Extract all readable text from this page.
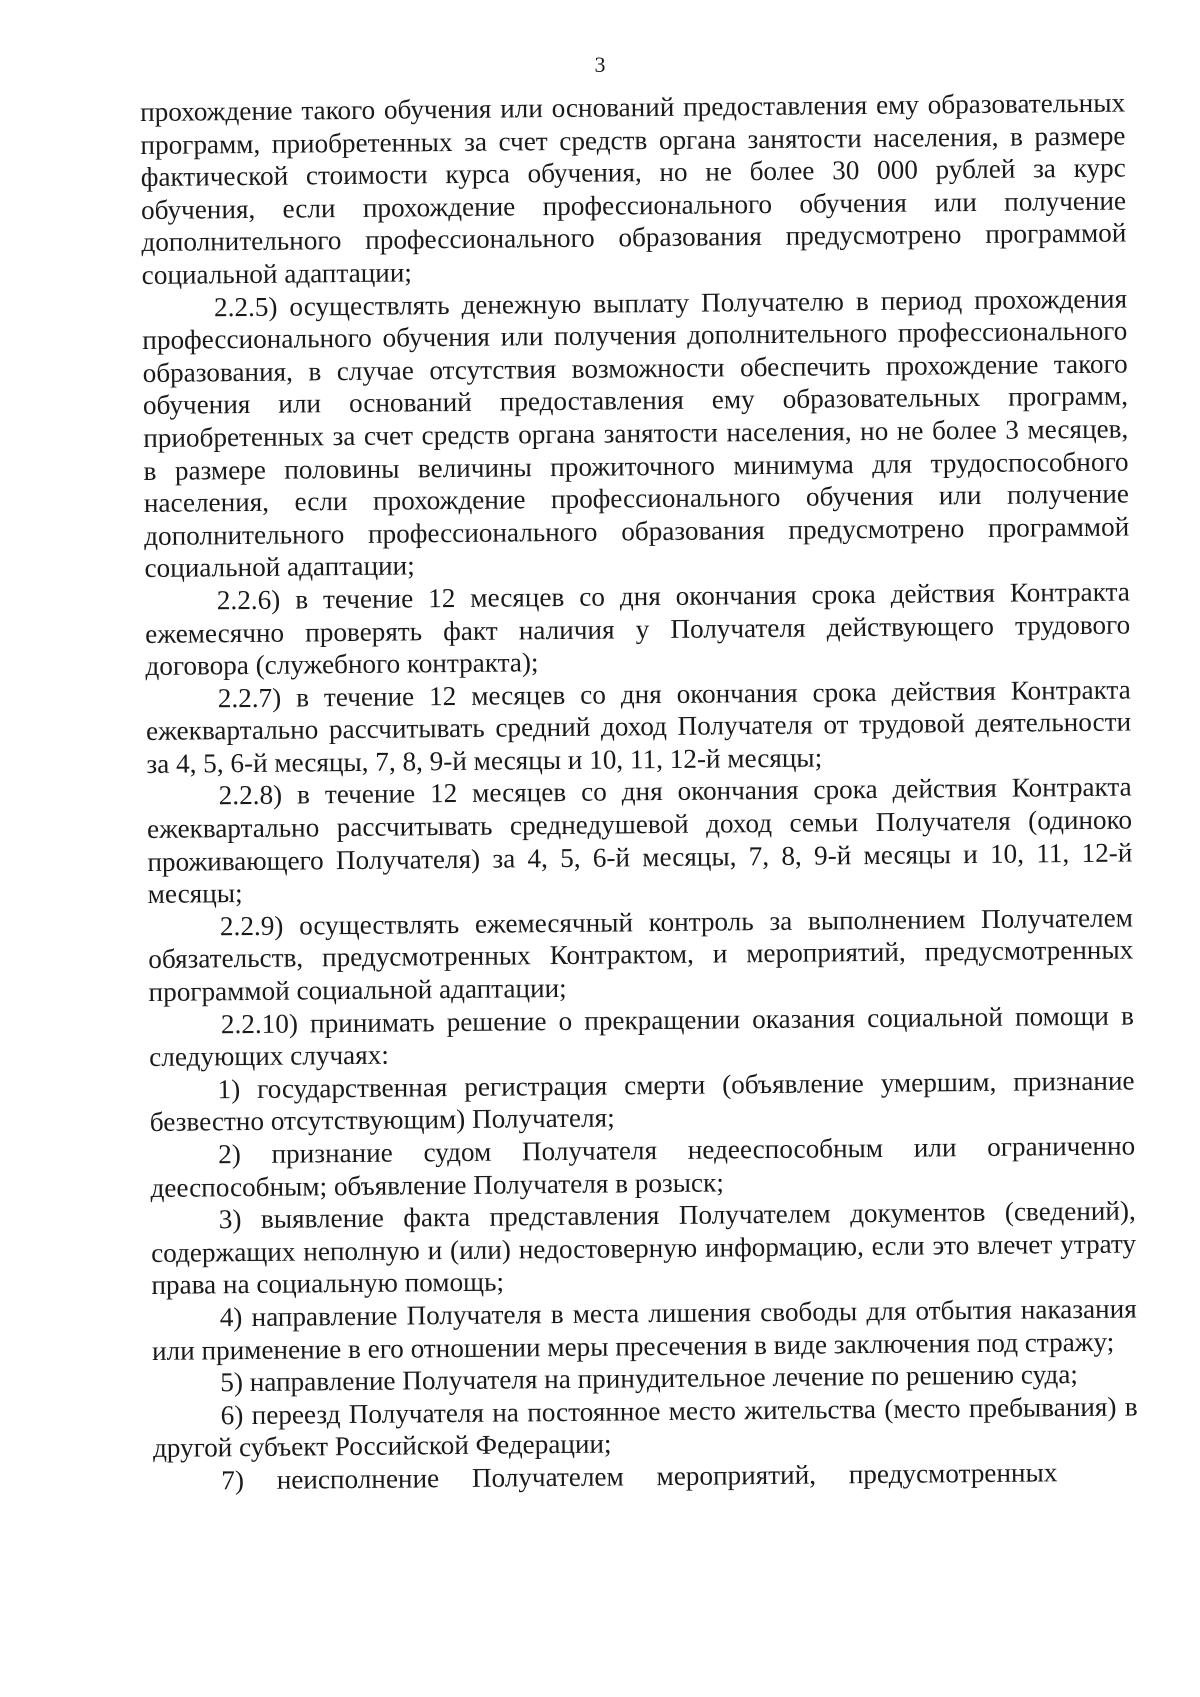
3

прохождение такого обучения или оснований предоставления ему образовательных программ, приобретенных за счет средств органа занятости населения, в размере фактической стоимости курса обучения, но не более 30 000 рублей за курс обучения, если прохождение профессионального обучения или получение дополнительного профессионального образования предусмотрено программой социальной адаптации;

2.2.5) осуществлять денежную выплату Получателю в период прохождения профессионального обучения или получения дополнительного профессионального образования, в случае отсутствия возможности обеспечить прохождение такого обучения или оснований предоставления ему образовательных программ, приобретенных за счет средств органа занятости населения, но не более 3 месяцев, в размере половины величины прожиточного минимума для трудоспособного населения, если прохождение профессионального обучения или получение дополнительного профессионального образования предусмотрено программой социальной адаптации;

2.2.6) в течение 12 месяцев со дня окончания срока действия Контракта ежемесячно проверять факт наличия у Получателя действующего трудового договора (служебного контракта);

2.2.7) в течение 12 месяцев со дня окончания срока действия Контракта ежеквартально рассчитывать средний доход Получателя от трудовой деятельности за 4, 5, 6-й месяцы, 7, 8, 9-й месяцы и 10, 11, 12-й месяцы;

2.2.8) в течение 12 месяцев со дня окончания срока действия Контракта ежеквартально рассчитывать среднедушевой доход семьи Получателя (одиноко проживающего Получателя) за 4, 5, 6-й месяцы, 7, 8, 9-й месяцы и 10, 11, 12-й месяцы;

2.2.9) осуществлять ежемесячный контроль за выполнением Получателем обязательств, предусмотренных Контрактом, и мероприятий, предусмотренных программой социальной адаптации;

2.2.10) принимать решение о прекращении оказания социальной помощи в следующих случаях:

1) государственная регистрация смерти (объявление умершим, признание безвестно отсутствующим) Получателя;

2) признание судом Получателя недееспособным или ограниченно дееспособным; объявление Получателя в розыск;

3) выявление факта представления Получателем документов (сведений), содержащих неполную и (или) недостоверную информацию, если это влечет утрату права на социальную помощь;

4) направление Получателя в места лишения свободы для отбытия наказания или применение в его отношении меры пресечения в виде заключения под стражу;

5) направление Получателя на принудительное лечение по решению суда;

6) переезд Получателя на постоянное место жительства (место пребывания) в другой субъект Российской Федерации;

7) неисполнение Получателем мероприятий, предусмотренных
